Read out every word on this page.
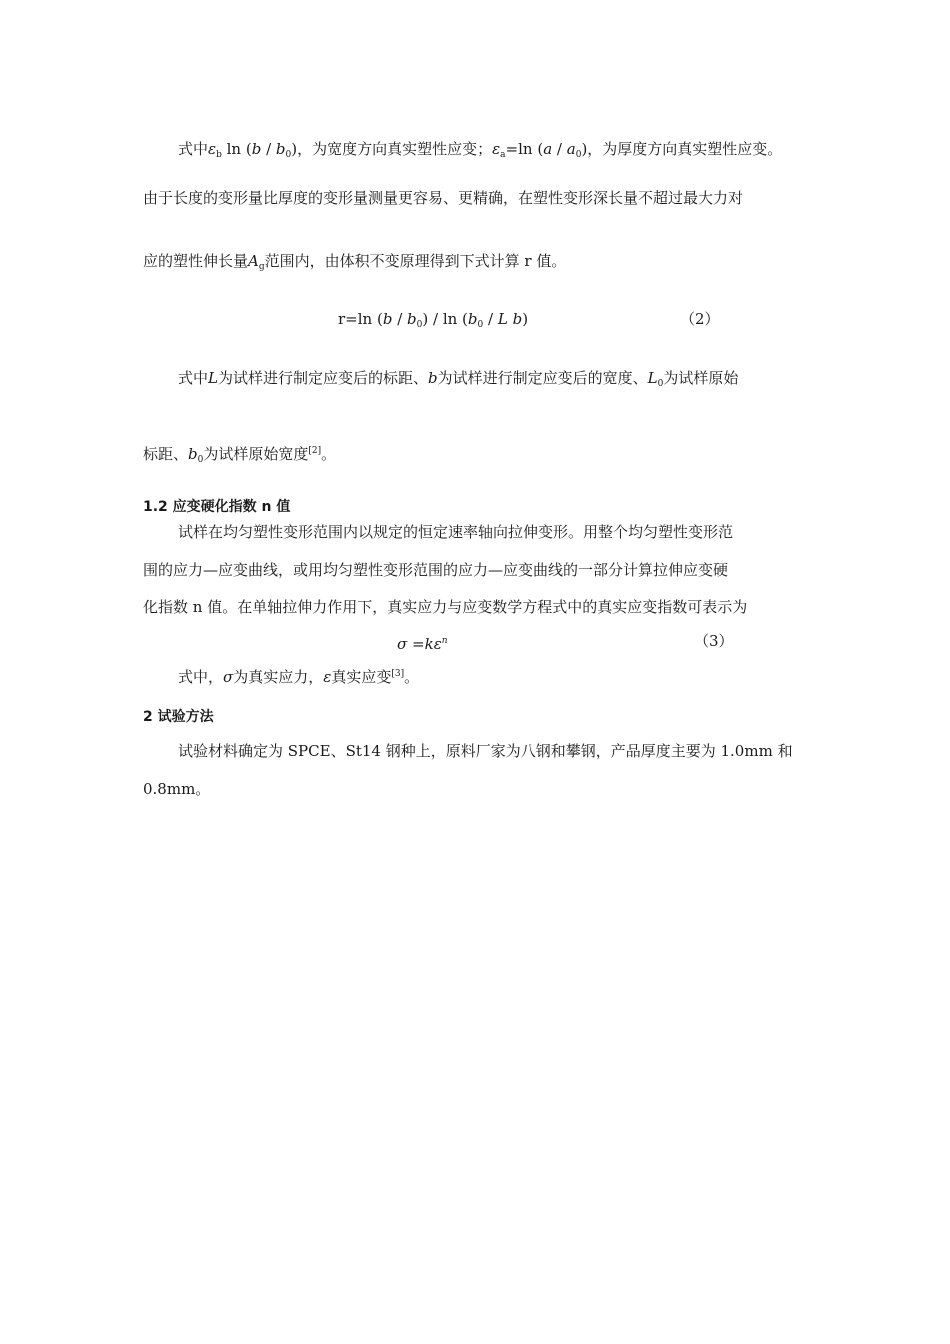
式中$\varepsilon_b$ $\ln (b / b_0)$，为宽度方向真实塑性应变；$\varepsilon_a=\ln$ $(a / a_0)$，为厚度方向真实塑性应变。
由于长度的变形量比厚度的变形量测量更容易、更精确，在塑性变形深长量不超过最大力对
应的塑性伸长量$A_g$范围内，由体积不变原理得到下式计算 r 值。
r=ln $(b / b_0)$ / $\ln (b_0$ / L b)	（2）
式中L为试样进行制定应变后的标距、b为试样进行制定应变后的宽度、$L_0$为试样原始
标距、$b_0$为试样原始宽度[2]。
1.2 应变硬化指数 n 值
试样在均匀塑性变形范围内以规定的恒定速率轴向拉伸变形。用整个均匀塑性变形范
围的应力—应变曲线，或用均匀塑性变形范围的应力—应变曲线的一部分计算拉伸应变硬
化指数 n 值。在单轴拉伸力作用下，真实应力与应变数学方程式中的真实应变指数可表示为
$\sigma =k\varepsilon^n$	（3）
式中，σ为真实应力，ε真实应变[3]。
2 试验方法
试验材料确定为 SPCE、St14 钢种上，原料厂家为八钢和攀钢，产品厚度主要为 1.0mm 和
0.8mm。
